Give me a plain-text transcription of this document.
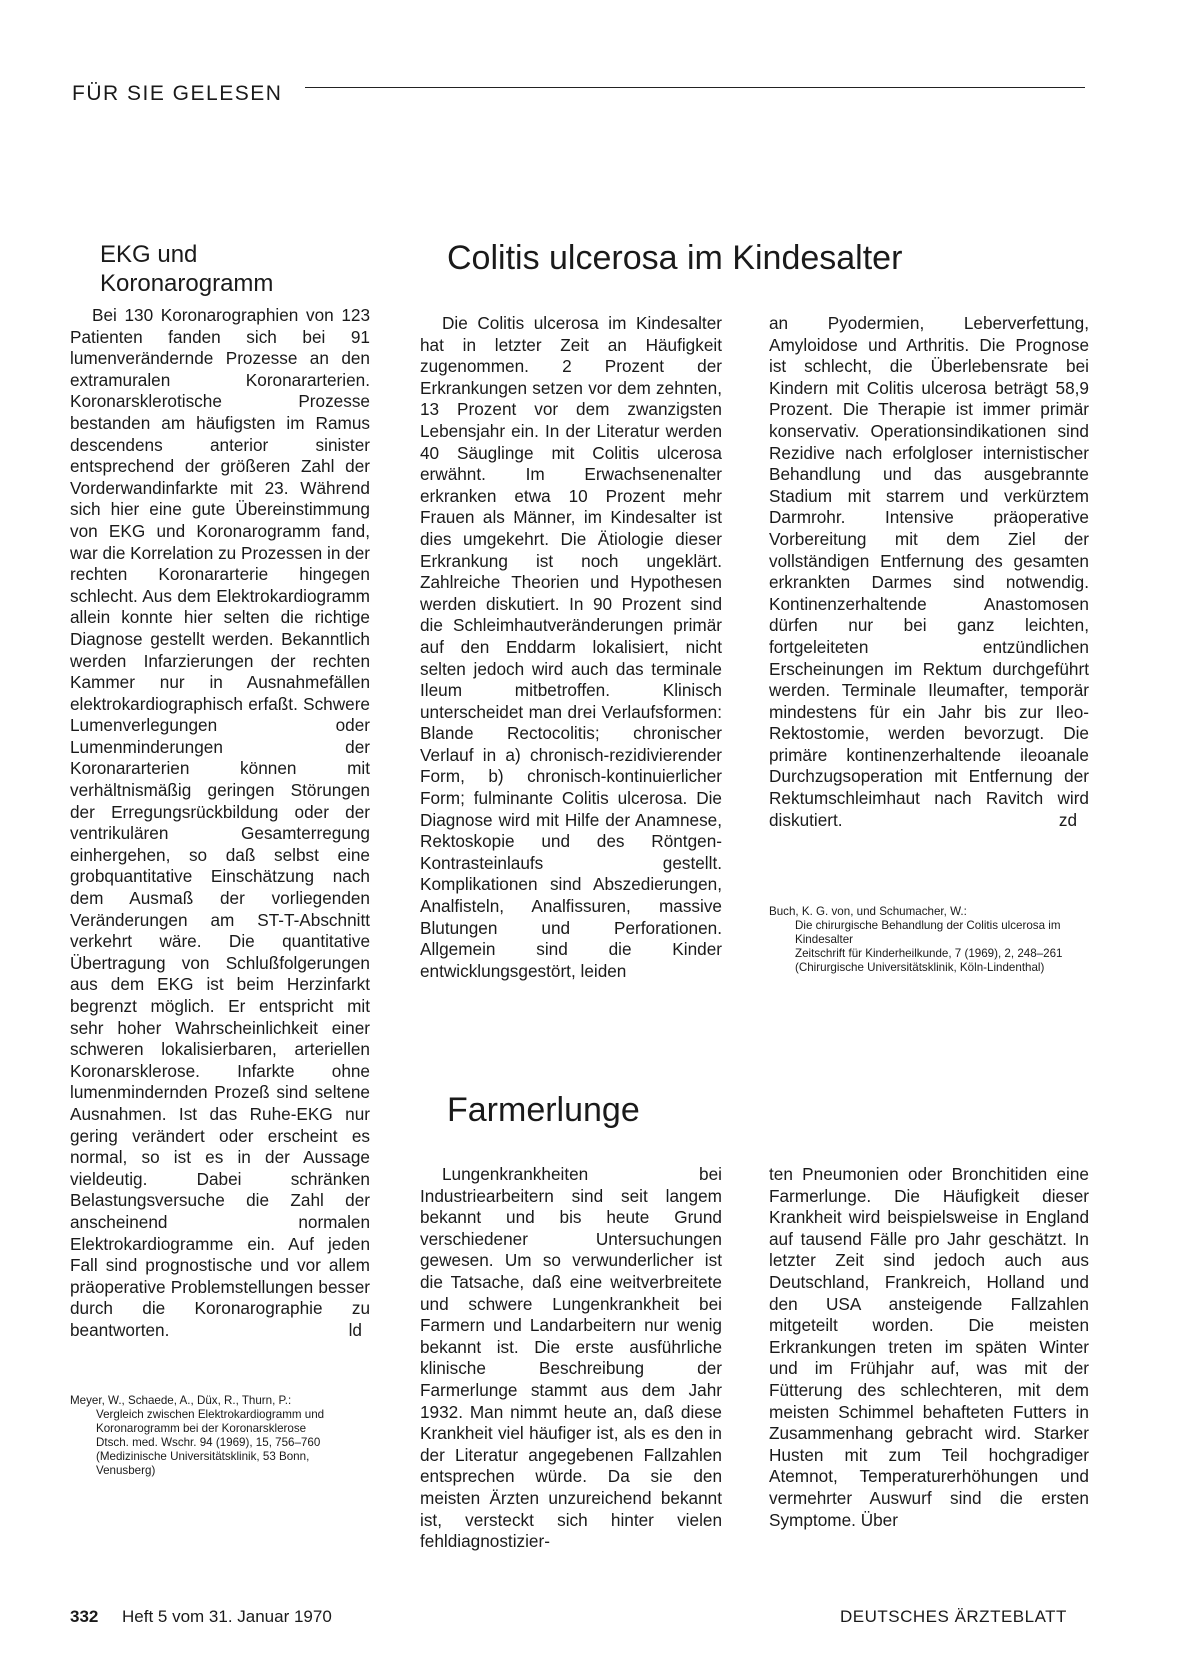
FÜR SIE GELESEN
EKG und Koronarogramm

Bei 130 Koronarographien von 123 Patienten fanden sich bei 91 lumenverändernde Prozesse an den extramuralen Koronararterien. Koronarsklerotische Prozesse bestanden am häufigsten im Ramus descendens anterior sinister entsprechend der größeren Zahl der Vorderwandinfarkte mit 23. Während sich hier eine gute Übereinstimmung von EKG und Koronarogramm fand, war die Korrelation zu Prozessen in der rechten Koronararterie hingegen schlecht. Aus dem Elektrokardiogramm allein konnte hier selten die richtige Diagnose gestellt werden. Bekanntlich werden Infarzierungen der rechten Kammer nur in Ausnahmefällen elektrokardiographisch erfaßt. Schwere Lumenverlegungen oder Lumenminderungen der Koronararterien können mit verhältnismäßig geringen Störungen der Erregungsrückbildung oder der ventrikulären Gesamterregung einhergehen, so daß selbst eine grobquantitative Einschätzung nach dem Ausmaß der vorliegenden Veränderungen am ST-T-Abschnitt verkehrt wäre. Die quantitative Übertragung von Schlußfolgerungen aus dem EKG ist beim Herzinfarkt begrenzt möglich. Er entspricht mit sehr hoher Wahrscheinlichkeit einer schweren lokalisierbaren, arteriellen Koronarsklerose. Infarkte ohne lumenmindernden Prozeß sind seltene Ausnahmen. Ist das Ruhe-EKG nur gering verändert oder erscheint es normal, so ist es in der Aussage vieldeutig. Dabei schränken Belastungsversuche die Zahl der anscheinend normalen Elektrokardiogramme ein. Auf jeden Fall sind prognostische und vor allem präoperative Problemstellungen besser durch die Koronarographie zu beantworten.	ld

Meyer, W., Schaede, A., Düx, R., Thurn, P.:

Vergleich zwischen Elektrokardiogramm und Koronarogramm bei der Koronarsklerose

Dtsch. med. Wschr. 94 (1969), 15, 756–760

(Medizinische Universitätsklinik, 53 Bonn, Venusberg)

Colitis ulcerosa im Kindesalter

Die Colitis ulcerosa im Kindesalter hat in letzter Zeit an Häufigkeit zugenommen. 2 Prozent der Erkrankungen setzen vor dem zehnten, 13 Prozent vor dem zwanzigsten Lebensjahr ein. In der Literatur werden 40 Säuglinge mit Colitis ulcerosa erwähnt. Im Erwachsenenalter erkranken etwa 10 Prozent mehr Frauen als Männer, im Kindesalter ist dies umgekehrt. Die Ätiologie dieser Erkrankung ist noch ungeklärt. Zahlreiche Theorien und Hypothesen werden diskutiert. In 90 Prozent sind die Schleimhautveränderungen primär auf den Enddarm lokalisiert, nicht selten jedoch wird auch das terminale Ileum mitbetroffen. Klinisch unterscheidet man drei Verlaufsformen: Blande Rectocolitis; chronischer Verlauf in a) chronisch-rezidivierender Form, b) chronisch-kontinuierlicher Form; fulminante Colitis ulcerosa. Die Diagnose wird mit Hilfe der Anamnese, Rektoskopie und des Röntgen-Kontrasteinlaufs gestellt. Komplikationen sind Abszedierungen, Analfisteln, Analfissuren, massive Blutungen und Perforationen. Allgemein sind die Kinder entwicklungsgestört, leiden

an Pyodermien, Leberverfettung, Amyloidose und Arthritis. Die Prognose ist schlecht, die Überlebensrate bei Kindern mit Colitis ulcerosa beträgt 58,9 Prozent. Die Therapie ist immer primär konservativ. Operationsindikationen sind Rezidive nach erfolgloser internistischer Behandlung und das ausgebrannte Stadium mit starrem und verkürztem Darmrohr. Intensive präoperative Vorbereitung mit dem Ziel der vollständigen Entfernung des gesamten erkrankten Darmes sind notwendig. Kontinenzerhaltende Anastomosen dürfen nur bei ganz leichten, fortgeleiteten entzündlichen Erscheinungen im Rektum durchgeführt werden. Terminale Ileumafter, temporär mindestens für ein Jahr bis zur Ileo-Rektostomie, werden bevorzugt. Die primäre kontinenzerhaltende ileoanale Durchzugsoperation mit Entfernung der Rektumschleimhaut nach Ravitch wird diskutiert.	zd

Buch, K. G. von, und Schumacher, W.:

Die chirurgische Behandlung der Colitis ulcerosa im Kindesalter

Zeitschrift für Kinderheilkunde, 7 (1969), 2, 248–261

(Chirurgische Universitätsklinik, Köln-Lindenthal)

Farmerlunge

Lungenkrankheiten bei Industriearbeitern sind seit langem bekannt und bis heute Grund verschiedener Untersuchungen gewesen. Um so verwunderlicher ist die Tatsache, daß eine weitverbreitete und schwere Lungenkrankheit bei Farmern und Landarbeitern nur wenig bekannt ist. Die erste ausführliche klinische Beschreibung der Farmerlunge stammt aus dem Jahr 1932. Man nimmt heute an, daß diese Krankheit viel häufiger ist, als es den in der Literatur angegebenen Fallzahlen entsprechen würde. Da sie den meisten Ärzten unzureichend bekannt ist, versteckt sich hinter vielen fehldiagnostizier-

ten Pneumonien oder Bronchitiden eine Farmerlunge. Die Häufigkeit dieser Krankheit wird beispielsweise in England auf tausend Fälle pro Jahr geschätzt. In letzter Zeit sind jedoch auch aus Deutschland, Frankreich, Holland und den USA ansteigende Fallzahlen mitgeteilt worden. Die meisten Erkrankungen treten im späten Winter und im Frühjahr auf, was mit der Fütterung des schlechteren, mit dem meisten Schimmel behafteten Futters in Zusammenhang gebracht wird. Starker Husten mit zum Teil hochgradiger Atemnot, Temperaturerhöhungen und vermehrter Auswurf sind die ersten Symptome. Über

332 Heft 5 vom 31. Januar 1970	DEUTSCHES ÄRZTEBLATT
